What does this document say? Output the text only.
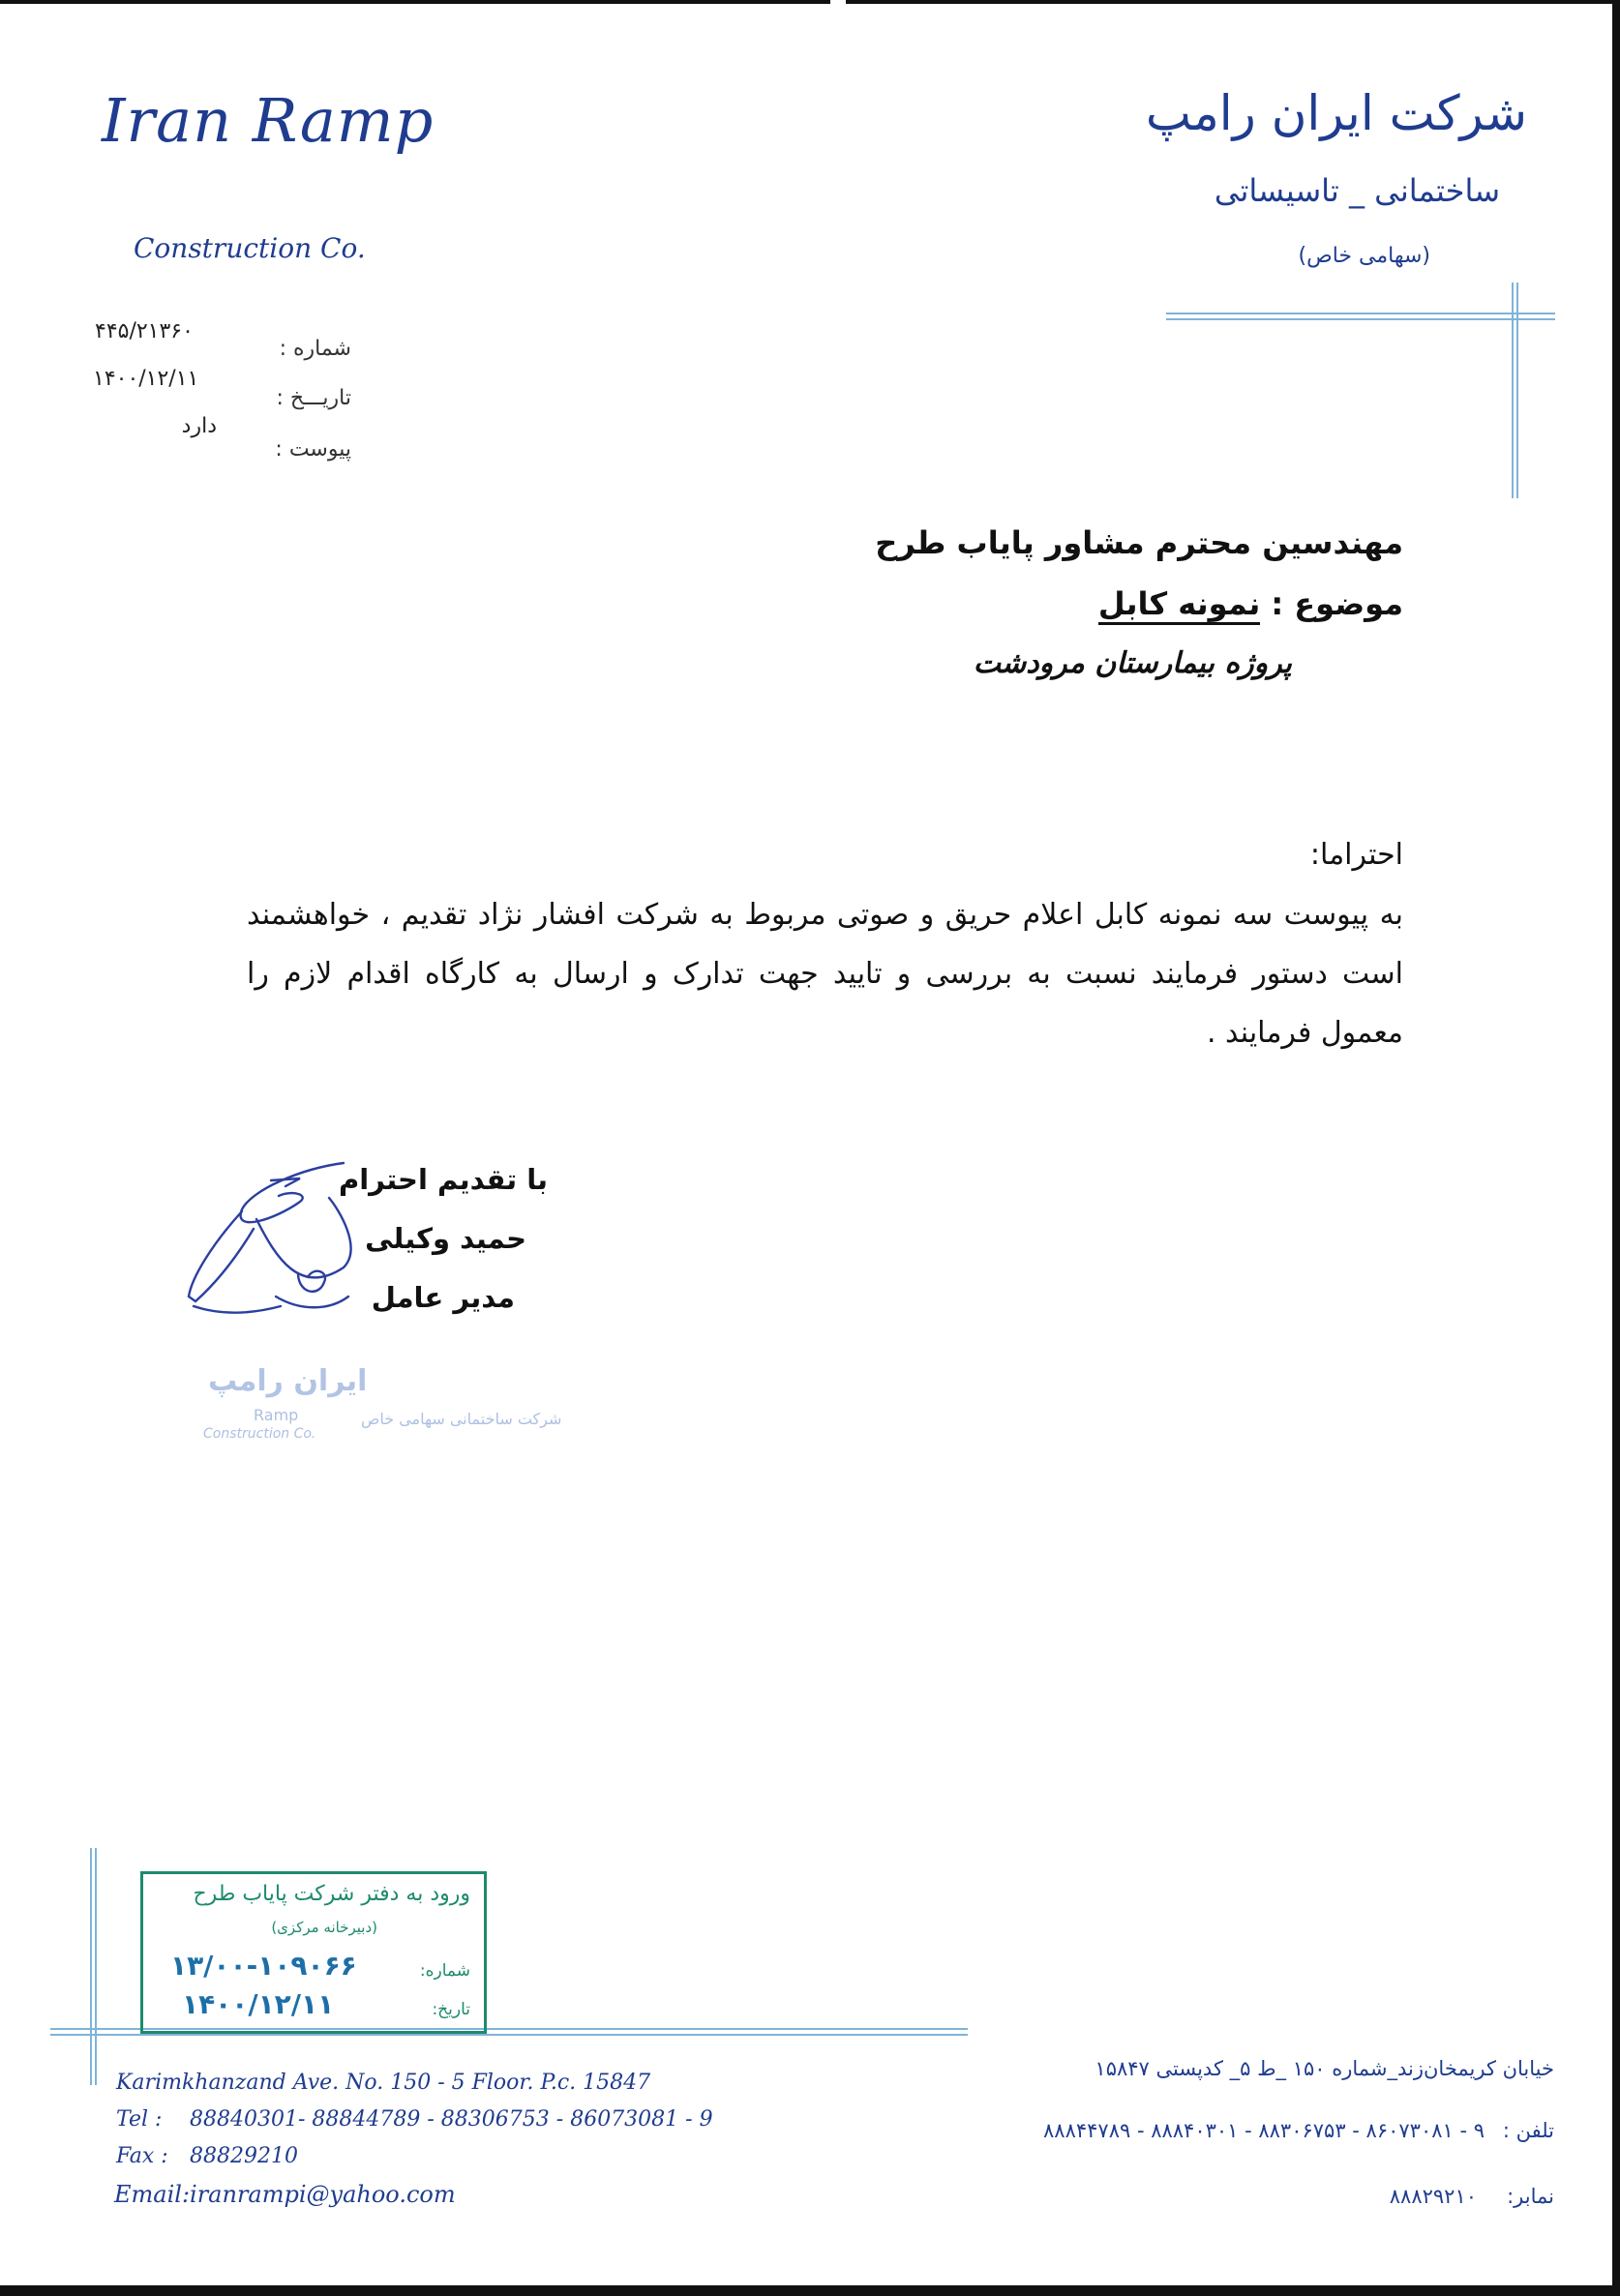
Iran Ramp
Construction Co.
شرکت ایران رامپ
ساختمانی _ تاسیساتی
(سهامی خاص)
شماره :
۴۴۵/۲۱۳۶۰
تاریـــخ :
۱۴۰۰/۱۲/۱۱
پیوست :
دارد
مهندسین محترم مشاور پایاب طرح
موضوع : نمونه کابل
پروژه بیمارستان مرودشت
احتراما:
به پیوست سه نمونه کابل اعلام حریق و صوتی مربوط به شرکت افشار نژاد تقدیم ، خواهشمند است دستور فرمایند نسبت به بررسی و تایید جهت تدارک و ارسال به کارگاه اقدام لازم را معمول فرمایند .
با تقدیم احترام
حمید وکیلی
مدیر عامل
ایران رامپ
Ramp	شرکت ساختمانی سهامی خاص
Construction Co.
ورود به دفتر شرکت پایاب طرح
(دبیرخانه مرکزی)
شماره:
۱۳/۰۰-۱۰۹۰۶۶
تاریخ:
۱۴۰۰/۱۲/۱۱
Karimkhanzand Ave. No. 150 - 5 Floor. P.c. 15847
Tel : 88840301- 88844789 - 88306753 - 86073081 - 9
Fax : 88829210
Email:iranrampi@yahoo.com
خیابان کریمخان‌زند_شماره ۱۵۰ _ط ۵_ کدپستی ۱۵۸۴۷
تلفن :
۹ - ۸۶۰۷۳۰۸۱ - ۸۸۳۰۶۷۵۳ - ۸۸۸۴۰۳۰۱ - ۸۸۸۴۴۷۸۹
نمابر:
۸۸۸۲۹۲۱۰
